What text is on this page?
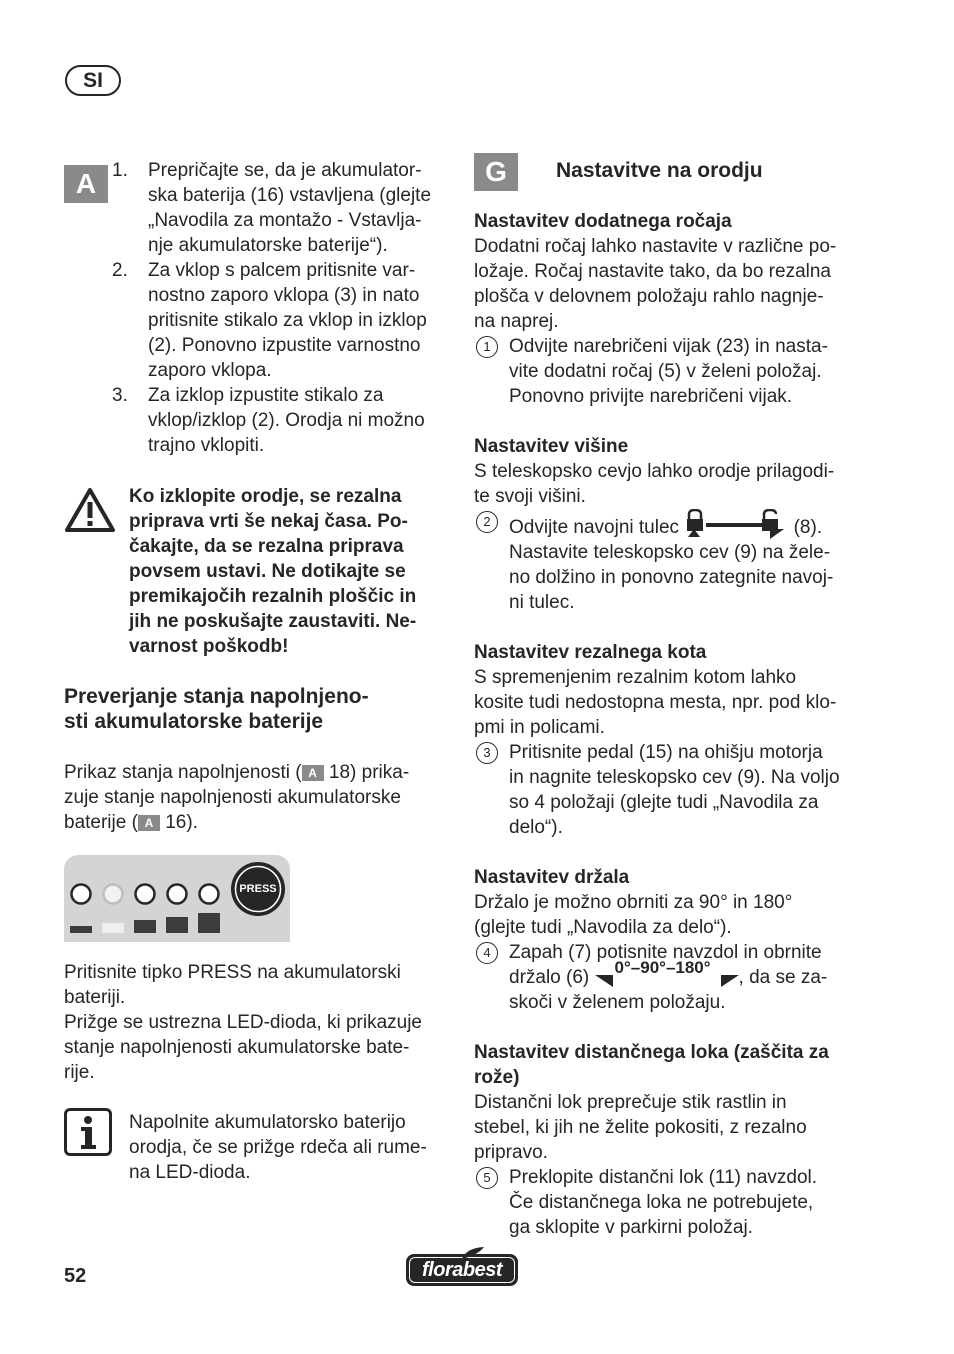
SI
A 1. Prepričajte se, da je akumulator-
ska baterija (16) vstavljena (glejte
„Navodila za montažo - Vstavlja-
nje akumulatorske baterije“).
2. Za vklop s palcem pritisnite var-
nostno zaporo vklopa (3) in nato
pritisnite stikalo za vklop in izklop
(2). Ponovno izpustite varnostno
zaporo vklopa.
3. Za izklop izpustite stikalo za
vklop/izklop (2). Orodja ni možno
trajno vklopiti.
Ko izklopite orodje, se rezalna
priprava vrti še nekaj časa. Po-
čakajte, da se rezalna priprava
povsem ustavi. Ne dotikajte se
premikajočih rezalnih ploščic in
jih ne poskušajte zaustaviti. Ne-
varnost poškodb!
Preverjanje stanja napolnjeno-
sti akumulatorske baterije
Prikaz stanja napolnjenosti ( A 18) prika-
zuje stanje napolnjenosti akumulatorske
baterije ( A 16).
PRESS
Pritisnite tipko PRESS na akumulatorski
bateriji.
Prižge se ustrezna LED-dioda, ki prikazuje
stanje napolnjenosti akumulatorske bate-
rije.
Napolnite akumulatorsko baterijo
orodja, če se prižge rdeča ali rume-
na LED-dioda.
G	Nastavitve na orodju
Nastavitev dodatnega ročaja
Dodatni ročaj lahko nastavite v različne po-
ložaje. Ročaj nastavite tako, da bo rezalna
plošča v delovnem položaju rahlo nagnje-
na naprej.
1 Odvijte narebričeni vijak (23) in nasta-
vite dodatni ročaj (5) v želeni položaj.
Ponovno privijte narebričeni vijak.
Nastavitev višine
S teleskopsko cevjo lahko orodje prilagodi-
te svoji višini.
2 Odvijte navojni tulec	(8).
Nastavite teleskopsko cev (9) na žele-
no dolžino in ponovno zategnite navoj-
ni tulec.
Nastavitev rezalnega kota
S spremenjenim rezalnim kotom lahko
kosite tudi nedostopna mesta, npr. pod klo-
pmi in policami.
3 Pritisnite pedal (15) na ohišju motorja
in nagnite teleskopsko cev (9). Na voljo
so 4 položaji (glejte tudi „Navodila za
delo“).
Nastavitev držala
Držalo je možno obrniti za 90° in 180°
(glejte tudi „Navodila za delo“).
4 Zapah (7) potisnite navzdol in obrnite
držalo (6) 0°–90°–180° , da se za-
skoči v želenem položaju.
Nastavitev distančnega loka (zaščita za
rože)
Distančni lok preprečuje stik rastlin in
stebel, ki jih ne želite pokositi, z rezalno
pripravo.
5 Preklopite distančni lok (11) navzdol.
Če distančnega loka ne potrebujete,
ga sklopite v parkirni položaj.
52	florabest
